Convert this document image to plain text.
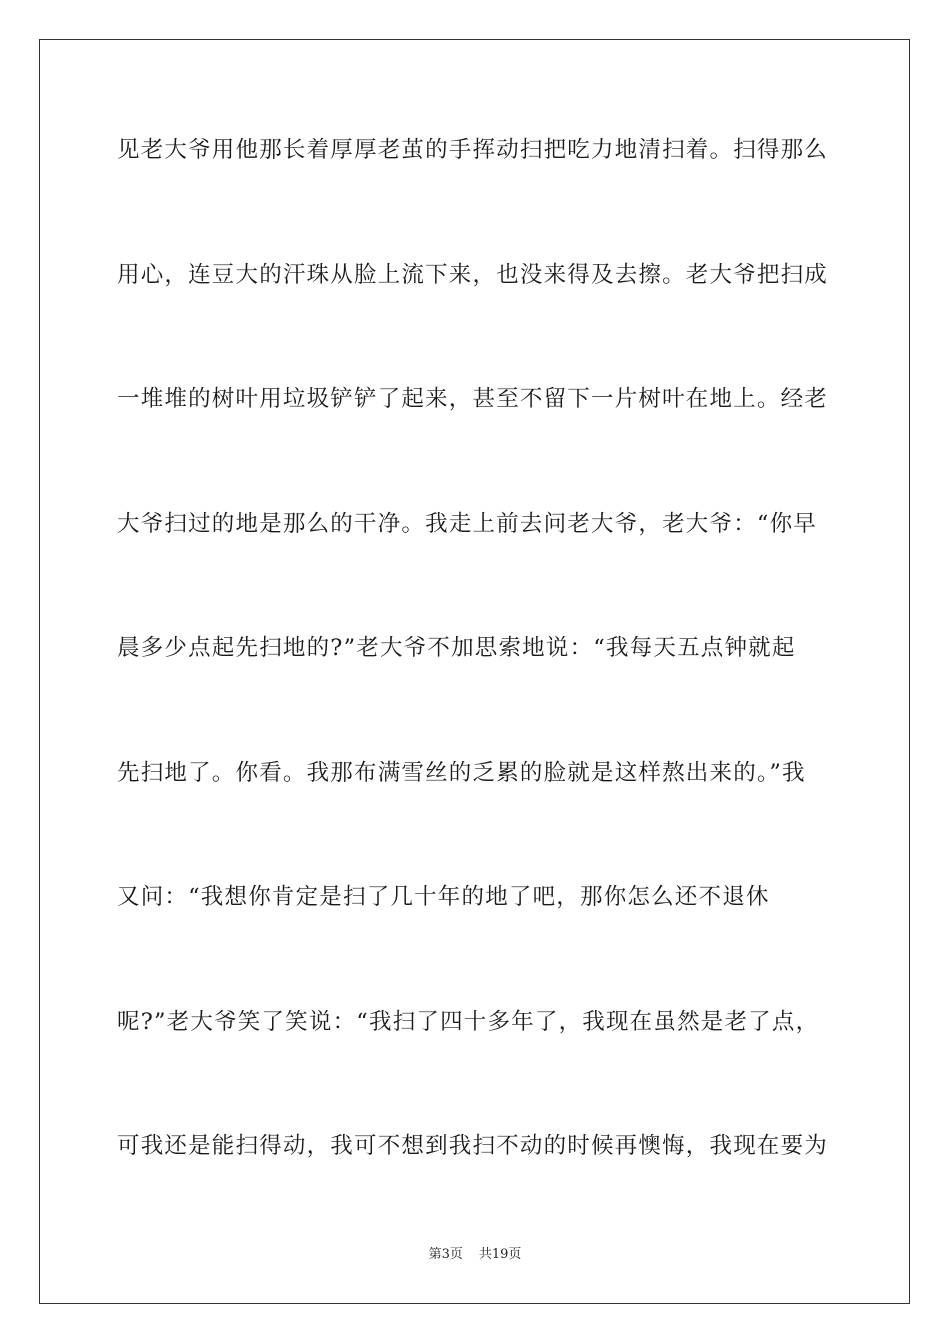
见老大爷用他那长着厚厚老茧的手挥动扫把吃力地清扫着。扫得那么
用心，连豆大的汗珠从脸上流下来，也没来得及去擦。老大爷把扫成
一堆堆的树叶用垃圾铲铲了起来，甚至不留下一片树叶在地上。经老
大爷扫过的地是那么的干净。我走上前去问老大爷，老大爷：“你早
晨多少点起先扫地的?”老大爷不加思索地说：“我每天五点钟就起
先扫地了。你看。我那布满雪丝的乏累的脸就是这样熬出来的。”我
又问：“我想你肯定是扫了几十年的地了吧，那你怎么还不退休
呢?”老大爷笑了笑说：“我扫了四十多年了，我现在虽然是老了点，
可我还是能扫得动，我可不想到我扫不动的时候再懊悔，我现在要为
第3页 共19页
